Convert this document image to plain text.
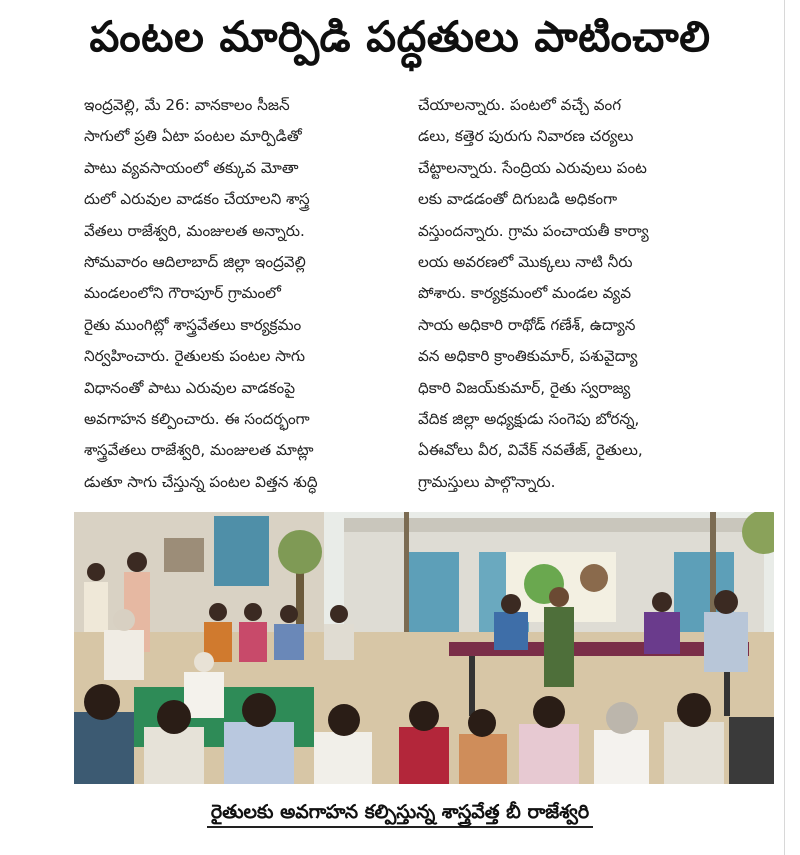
పంటల మార్పిడి పద్ధతులు పాటించాలి
ఇంద్రవెల్లి, మే 26: వానకాలం సీజన్
సాగులో ప్రతి ఏటా పంటల మార్పిడితో
పాటు వ్యవసాయంలో తక్కువ మోతా
దులో ఎరువుల వాడకం చేయాలని శాస్త్ర
వేతలు రాజేశ్వరి, మంజులత అన్నారు.
సోమవారం ఆదిలాబాద్ జిల్లా ఇంద్రవెల్లి
మండలంలోని గౌరాపూర్ గ్రామంలో
రైతు ముంగిట్లో శాస్త్రవేతలు కార్యక్రమం
నిర్వహించారు. రైతులకు పంటల సాగు
విధానంతో పాటు ఎరువుల వాడకంపై
అవగాహన కల్పించారు. ఈ సందర్భంగా
శాస్త్రవేతలు రాజేశ్వరి, మంజులత మాట్లా
డుతూ సాగు చేస్తున్న పంటల విత్తన శుద్ధి
చేయాలన్నారు. పంటలో వచ్చే వంగ
డలు, కత్తెర పురుగు నివారణ చర్యలు
చేట్టాలన్నారు. సేంద్రియ ఎరువులు పంట
లకు వాడడంతో దిగుబడి అధికంగా
వస్తుందన్నారు. గ్రామ పంచాయతీ కార్యా
లయ అవరణలో మొక్కలు నాటి నీరు
పోశారు. కార్యక్రమంలో మండల వ్యవ
సాయ అధికారి రాథోడ్ గణేశ్, ఉద్యాన
వన అధికారి క్రాంతికుమార్, పశువైద్యా
ధికారి విజయ్‌కుమార్, రైతు స్వరాజ్య
వేదిక జిల్లా అధ్యక్షుడు సంగెపు బోరన్న,
ఏఈవోలు వీర, వివేక్ నవతేజ్, రైతులు,
గ్రామస్తులు పాల్గొన్నారు.
రైతులకు అవగాహన కల్పిస్తున్న శాస్త్రవేత్త బీ రాజేశ్వరి
